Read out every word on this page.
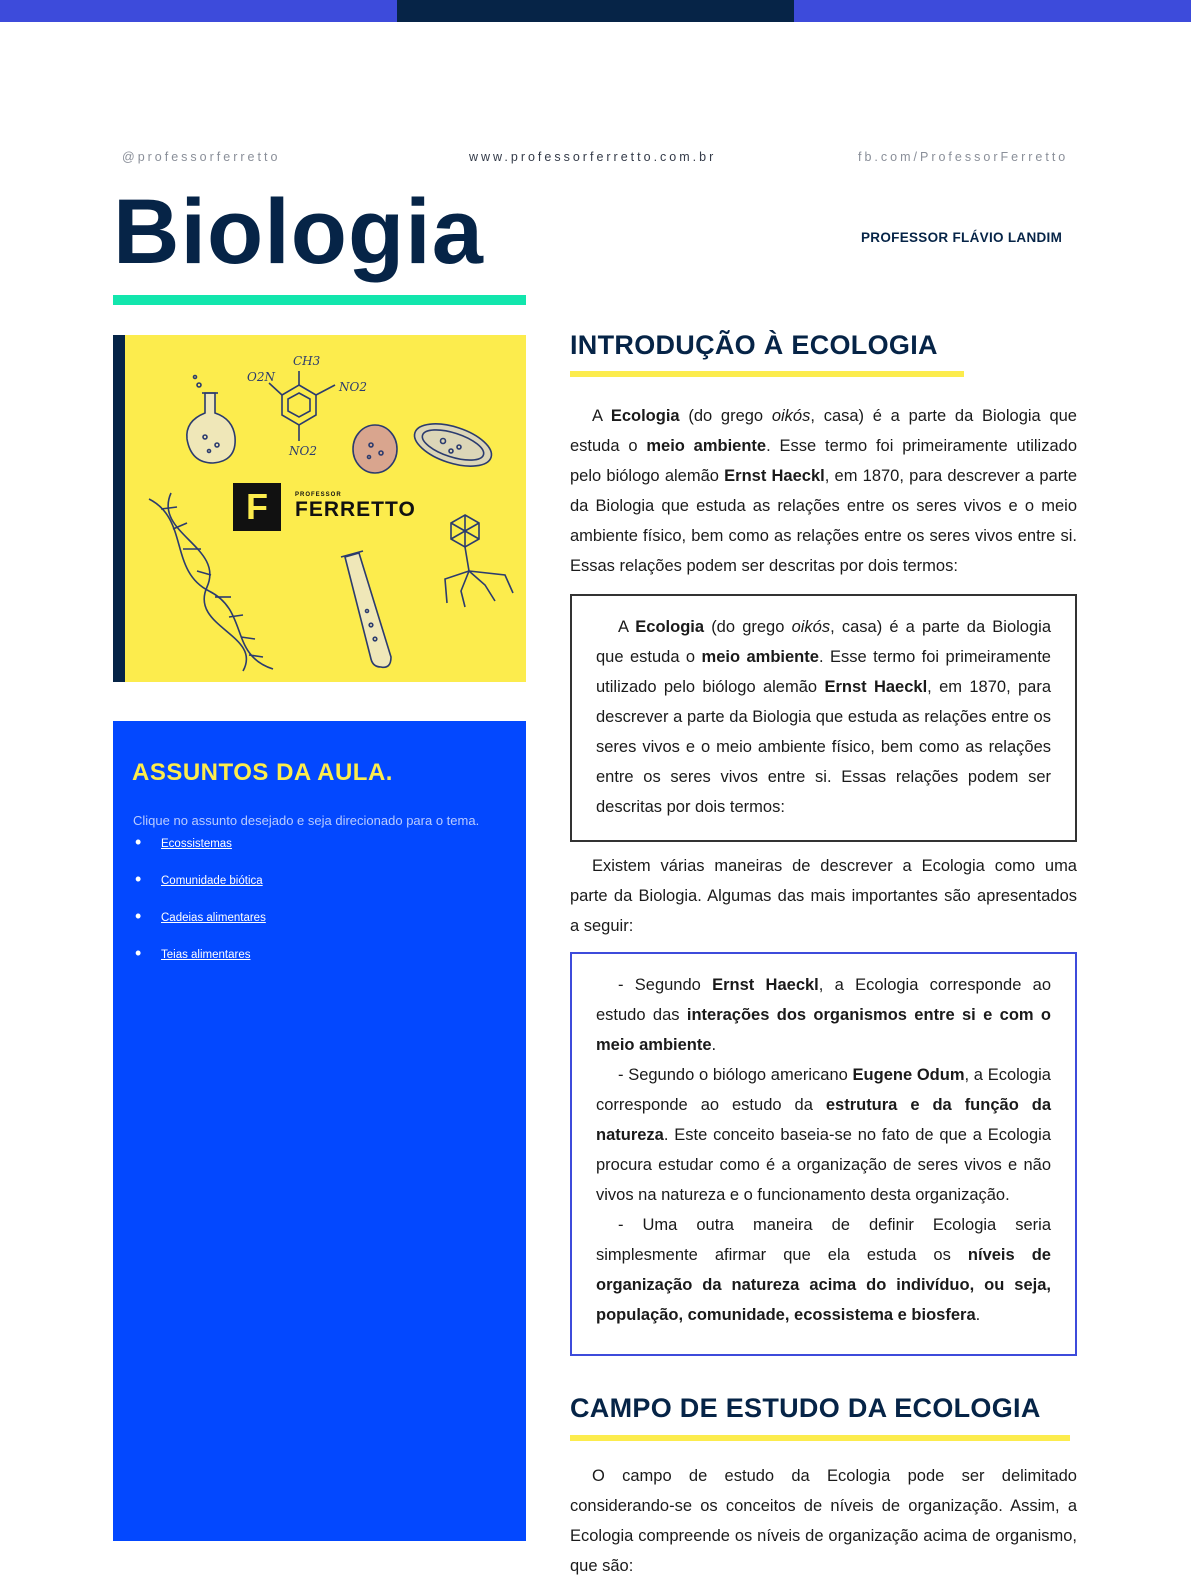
@professorferretto	www.professorferretto.com.br	fb.com/ProfessorFerretto
Biologia	PROFESSOR FLÁVIO LANDIM
CH3
O2N
NO2
NO2
F	PROFESSOR
FERRETTO
ASSUNTOS DA AULA.

Clique no assunto desejado e seja direcionado para o tema.

• Ecossistemas
• Comunidade biótica
• Cadeias alimentares
• Teias alimentares
INTRODUÇÃO À ECOLOGIA

A Ecologia (do grego oikós, casa) é a parte da Biologia que estuda o meio ambiente. Esse termo foi primeiramente utilizado pelo biólogo alemão Ernst Haeckl, em 1870, para descrever a parte da Biologia que estuda as relações entre os seres vivos e o meio ambiente físico, bem como as relações entre os seres vivos entre si. Essas relações podem ser descritas por dois termos:

A Ecologia (do grego oikós, casa) é a parte da Biologia que estuda o meio ambiente. Esse termo foi primeiramente utilizado pelo biólogo alemão Ernst Haeckl, em 1870, para descrever a parte da Biologia que estuda as relações entre os seres vivos e o meio ambiente físico, bem como as relações entre os seres vivos entre si. Essas relações podem ser descritas por dois termos:

Existem várias maneiras de descrever a Ecologia como uma parte da Biologia. Algumas das mais importantes são apresentados a seguir:

- Segundo Ernst Haeckl, a Ecologia corresponde ao estudo das interações dos organismos entre si e com o meio ambiente.

- Segundo o biólogo americano Eugene Odum, a Ecologia corresponde ao estudo da estrutura e da função da natureza. Este conceito baseia-se no fato de que a Ecologia procura estudar como é a organização de seres vivos e não vivos na natureza e o funcionamento desta organização.

- Uma outra maneira de definir Ecologia seria simplesmente afirmar que ela estuda os níveis de organização da natureza acima do indivíduo, ou seja, população, comunidade, ecossistema e biosfera.

CAMPO DE ESTUDO DA ECOLOGIA

O campo de estudo da Ecologia pode ser delimitado considerando-se os conceitos de níveis de organização. Assim, a Ecologia compreende os níveis de organização acima de organismo, que são:
